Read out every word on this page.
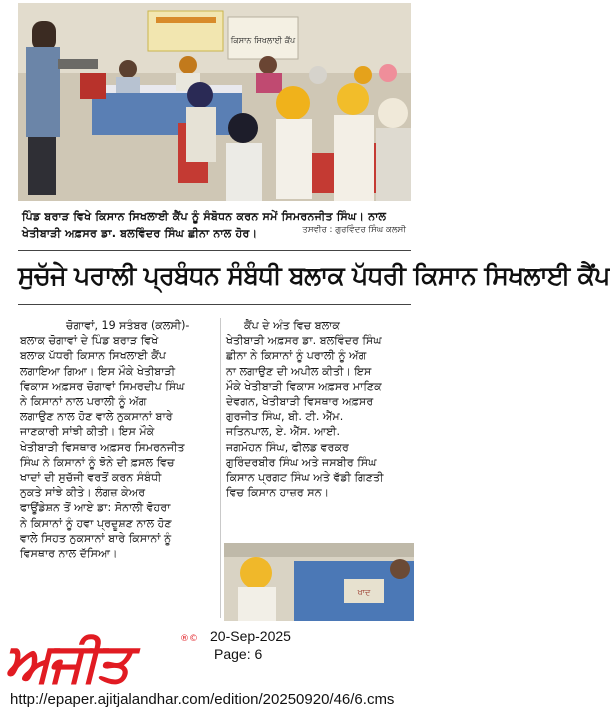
ਕਿਸਾਨ ਸਿਖਲਾਈ ਕੈਂਪ
ਪਿੰਡ ਬਰਾੜ ਵਿਖੇ ਕਿਸਾਨ ਸਿਖਲਾਈ ਕੈਂਪ ਨੂੰ ਸੰਬੋਧਨ ਕਰਨ ਸਮੇਂ ਸਿਮਰਨਜੀਤ ਸਿੰਘ। ਨਾਲ
ਖੇਤੀਬਾੜੀ ਅਫ਼ਸਰ ਡਾ. ਬਲਵਿੰਦਰ ਸਿੰਘ ਛੀਨਾ ਨਾਲ ਹੋਰ।	ਤਸਵੀਰ : ਗੁਰਵਿੰਦਰ ਸਿੰਘ ਕਲਸੀ
ਸੁਚੱਜੇ ਪਰਾਲੀ ਪ੍ਰਬੰਧਨ ਸੰਬੰਧੀ ਬਲਾਕ ਪੱਧਰੀ ਕਿਸਾਨ ਸਿਖਲਾਈ ਕੈਂਪ
ਚੋਗਾਵਾਂ, 19 ਸਤੰਬਰ (ਕਲਸੀ)-
ਬਲਾਕ ਚੋਗਾਵਾਂ ਦੇ ਪਿੰਡ ਬਰਾੜ ਵਿਖੇ
ਬਲਾਕ ਪੱਧਰੀ ਕਿਸਾਨ ਸਿਖਲਾਈ ਕੈਂਪ
ਲਗਾਇਆ ਗਿਆ। ਇਸ ਮੌਕੇ ਖੇਤੀਬਾੜੀ
ਵਿਕਾਸ ਅਫ਼ਸਰ ਚੋਗਾਵਾਂ ਸਿਮਰਦੀਪ ਸਿੰਘ
ਨੇ ਕਿਸਾਨਾਂ ਨਾਲ ਪਰਾਲੀ ਨੂੰ ਅੱਗ
ਲਗਾਉਣ ਨਾਲ ਹੋਣ ਵਾਲੇ ਨੁਕਸਾਨਾਂ ਬਾਰੇ
ਜਾਣਕਾਰੀ ਸਾਂਝੀ ਕੀਤੀ। ਇਸ ਮੌਕੇ
ਖੇਤੀਬਾੜੀ ਵਿਸਥਾਰ ਅਫ਼ਸਰ ਸਿਮਰਨਜੀਤ
ਸਿੰਘ ਨੇ ਕਿਸਾਨਾਂ ਨੂੰ ਝੋਨੇ ਦੀ ਫ਼ਸਲ ਵਿਚ
ਖਾਦਾਂ ਦੀ ਸੁਚੱਜੀ ਵਰਤੋਂ ਕਰਨ ਸੰਬੰਧੀ
ਨੁਕਤੇ ਸਾਂਝੇ ਕੀਤੇ। ਲੰਗਜ਼ ਕੇਅਰ
ਫਾਊਂਡੇਸ਼ਨ ਤੋਂ ਆਏ ਡਾ: ਸੋਨਾਲੀ ਵੋਹਰਾ
ਨੇ ਕਿਸਾਨਾਂ ਨੂੰ ਹਵਾ ਪ੍ਰਦੂਸ਼ਣ ਨਾਲ ਹੋਣ
ਵਾਲੇ ਸਿਹਤ ਨੁਕਸਾਨਾਂ ਬਾਰੇ ਕਿਸਾਨਾਂ ਨੂੰ
ਵਿਸਥਾਰ ਨਾਲ ਦੱਸਿਆ।
ਕੈਂਪ ਦੇ ਅੰਤ ਵਿਚ ਬਲਾਕ
ਖੇਤੀਬਾੜੀ ਅਫ਼ਸਰ ਡਾ. ਬਲਵਿੰਦਰ ਸਿੰਘ
ਛੀਨਾ ਨੇ ਕਿਸਾਨਾਂ ਨੂੰ ਪਰਾਲੀ ਨੂੰ ਅੱਗ
ਨਾ ਲਗਾਉਣ ਦੀ ਅਪੀਲ ਕੀਤੀ। ਇਸ
ਮੌਕੇ ਖੇਤੀਬਾੜੀ ਵਿਕਾਸ ਅਫ਼ਸਰ ਮਾਣਿਕ
ਦੇਵਗਨ, ਖੇਤੀਬਾੜੀ ਵਿਸਥਾਰ ਅਫ਼ਸਰ
ਗੁਰਜੀਤ ਸਿੰਘ, ਬੀ. ਟੀ. ਐੱਮ.
ਜਤਿਨਪਾਲ, ਏ. ਐੱਸ. ਆਈ.
ਜਗਮੋਹਨ ਸਿੰਘ, ਫੀਲਡ ਵਰਕਰ
ਗੁਰਿੰਦਰਬੀਰ ਸਿੰਘ ਅਤੇ ਜਸਬੀਰ ਸਿੰਘ
ਕਿਸਾਨ ਪ੍ਰਗਟ ਸਿੰਘ ਅਤੇ ਵੱਡੀ ਗਿਣਤੀ
ਵਿਚ ਕਿਸਾਨ ਹਾਜ਼ਰ ਸਨ।
ਖਾਦ
ਅਜੀਤ	®© 20-Sep-2025
Page: 6
http://epaper.ajitjalandhar.com/edition/20250920/46/6.cms
